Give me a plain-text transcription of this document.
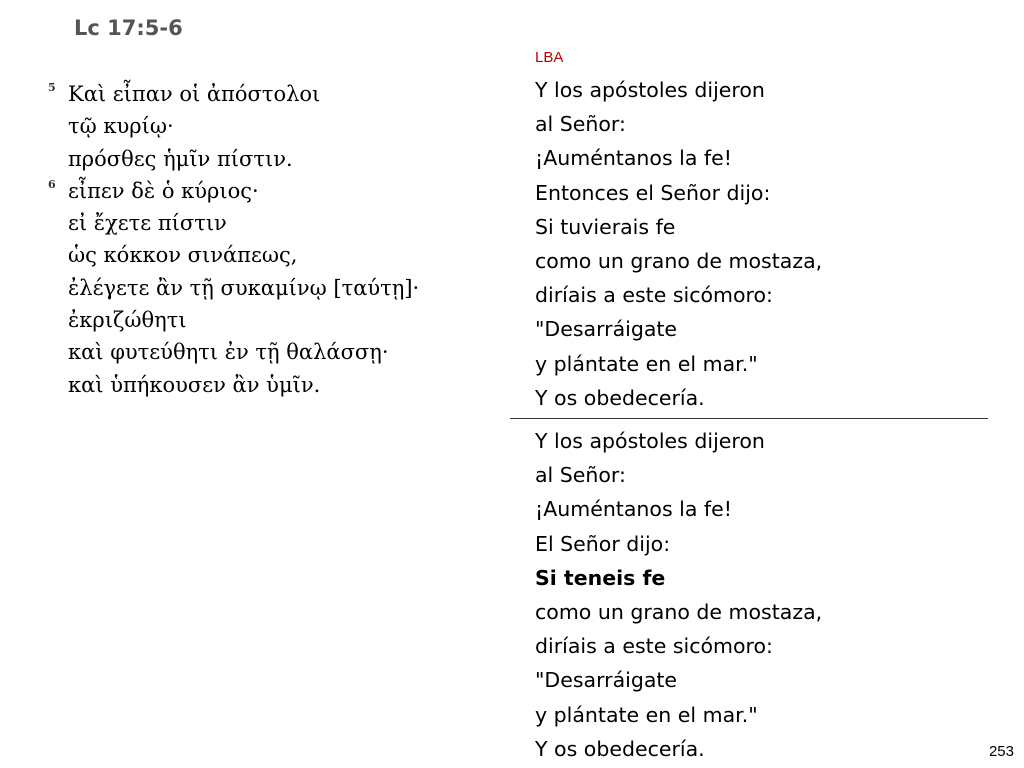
Lc 17:5-6
5 Καὶ εἶπαν οἱ ἀπόστολοι
τῷ κυρίῳ·
πρόσθες ἡμῖν πίστιν.
6 εἶπεν δὲ ὁ κύριος·
εἰ ἔχετε πίστιν
ὡς κόκκον σινάπεως,
ἐλέγετε ἂν τῇ συκαμίνῳ [ταύτῃ]·
ἐκριζώθητι
καὶ φυτεύθητι ἐν τῇ θαλάσσῃ·
καὶ ὑπήκουσεν ἂν ὑμῖν.
LBA
Y los apóstoles dijeron
al Señor:
¡Auméntanos la fe!
Entonces el Señor dijo:
Si tuvierais fe
como un grano de mostaza,
diríais a este sicómoro:
"Desarráigate
y plántate en el mar."
Y os obedecería.
Y los apóstoles dijeron
al Señor:
¡Auméntanos la fe!
El Señor dijo:
Si teneis fe
como un grano de mostaza,
diríais a este sicómoro:
"Desarráigate
y plántate en el mar."
Y os obedecería.	253
